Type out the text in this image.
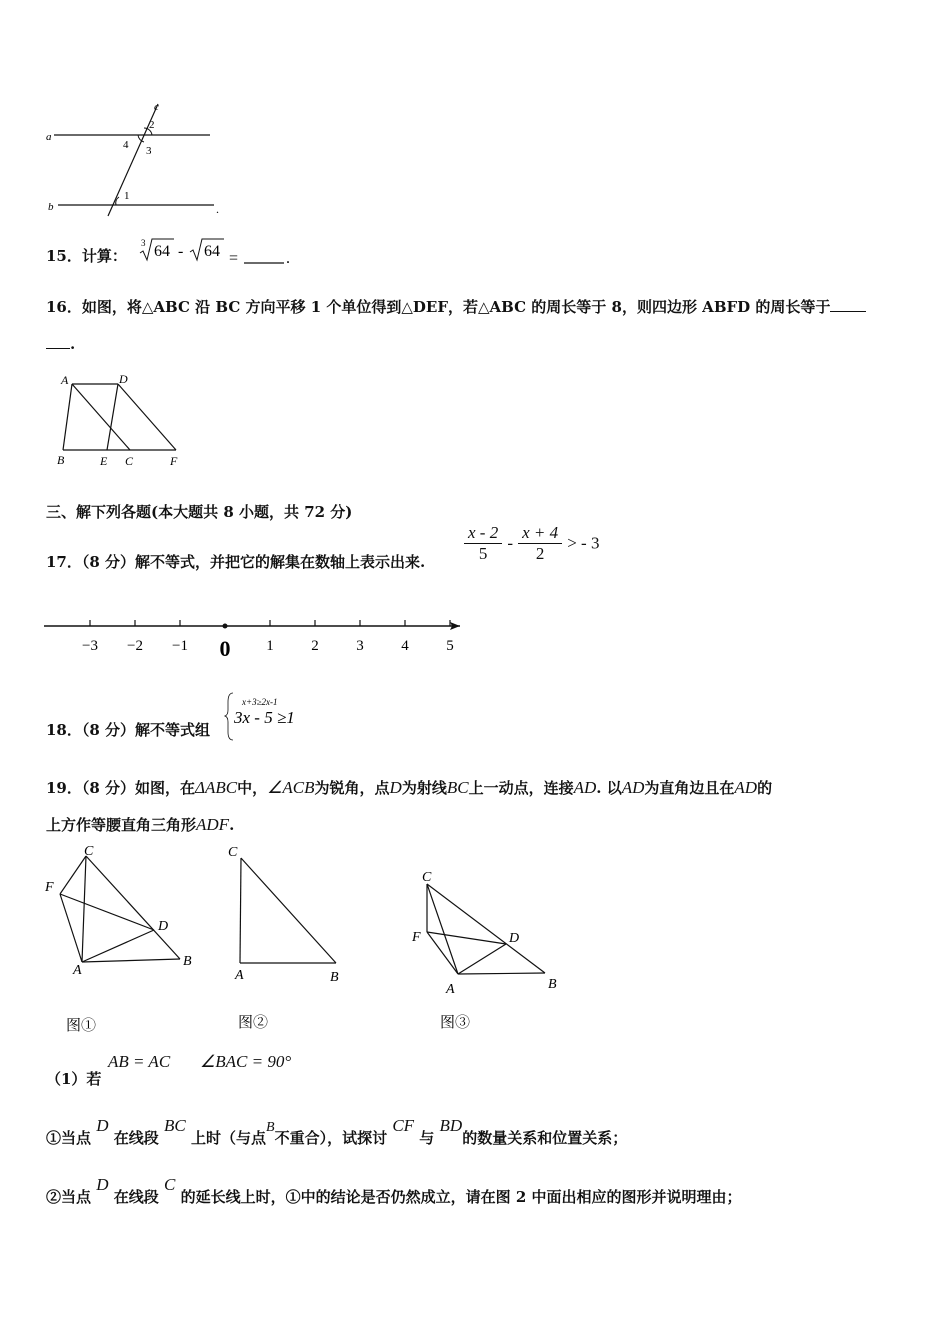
a
b
c
2
4 3
1
.
15．计算：
3 64 - 64 =	.
16．如图，将△ABC 沿 BC 方向平移 1 个单位得到△DEF，若△ABC 的周长等于 8，则四边形 ABFD 的周长等于
.
A	D
B	E C	F
三、解下列各题(本大题共 8 小题，共 72 分)
17．（8 分）解不等式，并把它的解集在数轴上表示出来. $\frac{x - 2}{5} - \frac{x + 4}{2}$ > - 3
−3 −2 −1 0 1	2	3	4	5
18．（8 分）解不等式组
x+3≥2x-1
3x - 5 ≥1
19．（8 分）如图，在ΔABC中，∠ACB为锐角，点D为射线BC上一动点，连接AD. 以AD为直角边且在AD的
上方作等腰直角三角形ADF.
C
F
D
A
B
C
A	B
C
F	D
A	B
图①	图②	图③
（1）若
AB = AC ∠BAC = 90°
①当点 D 在线段 BC 上时（与点B不重合），试探讨 CF 与 BD的数量关系和位置关系；
②当点 D 在线段 C 的延长线上时，①中的结论是否仍然成立，请在图 2 中面出相应的图形并说明理由；
